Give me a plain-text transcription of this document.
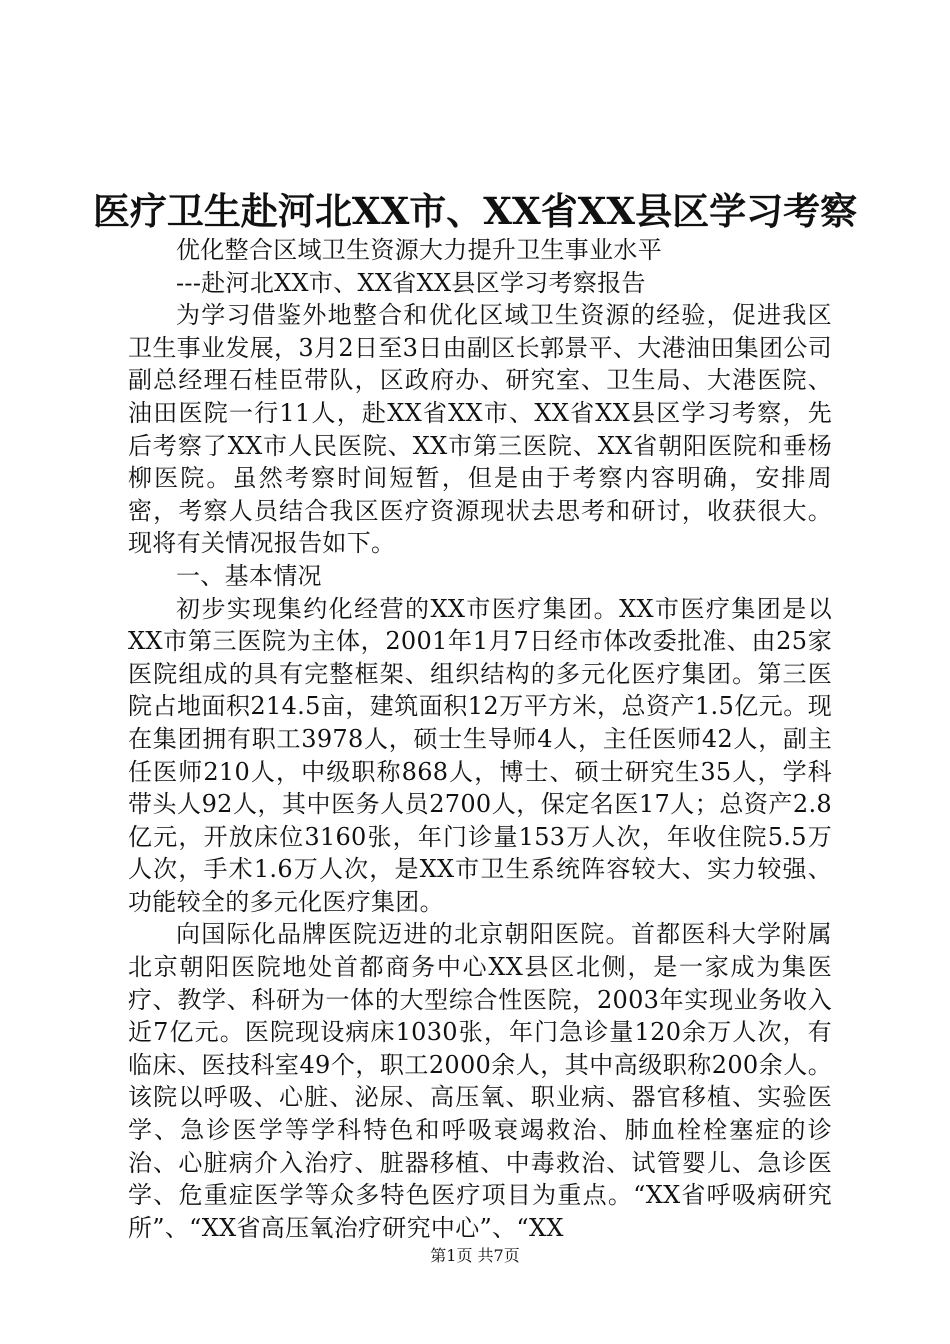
医疗卫生赴河北XX市、XX省XX县区学习考察

优化整合区域卫生资源大力提升卫生事业水平

---赴河北XX市、XX省XX县区学习考察报告

为学习借鉴外地整合和优化区域卫生资源的经验，促进我区卫生事业发展，3月2日至3日由副区长郭景平、大港油田集团公司副总经理石桂臣带队，区政府办、研究室、卫生局、大港医院、油田医院一行11人，赴XX省XX市、XX省XX县区学习考察，先后考察了XX市人民医院、XX市第三医院、XX省朝阳医院和垂杨柳医院。虽然考察时间短暂，但是由于考察内容明确，安排周密，考察人员结合我区医疗资源现状去思考和研讨，收获很大。现将有关情况报告如下。

一、基本情况

初步实现集约化经营的XX市医疗集团。XX市医疗集团是以XX市第三医院为主体，2001年1月7日经市体改委批准、由25家医院组成的具有完整框架、组织结构的多元化医疗集团。第三医院占地面积214.5亩，建筑面积12万平方米，总资产1.5亿元。现在集团拥有职工3978人，硕士生导师4人，主任医师42人，副主任医师210人，中级职称868人，博士、硕士研究生35人，学科带头人92人，其中医务人员2700人，保定名医17人；总资产2.8亿元，开放床位3160张，年门诊量153万人次，年收住院5.5万人次，手术1.6万人次，是XX市卫生系统阵容较大、实力较强、功能较全的多元化医疗集团。

向国际化品牌医院迈进的北京朝阳医院。首都医科大学附属北京朝阳医院地处首都商务中心XX县区北侧，是一家成为集医疗、教学、科研为一体的大型综合性医院，2003年实现业务收入近7亿元。医院现设病床1030张，年门急诊量120余万人次，有临床、医技科室49个，职工2000余人，其中高级职称200余人。该院以呼吸、心脏、泌尿、高压氧、职业病、器官移植、实验医学、急诊医学等学科特色和呼吸衰竭救治、肺血栓栓塞症的诊治、心脏病介入治疗、脏器移植、中毒救治、试管婴儿、急诊医学、危重症医学等众多特色医疗项目为重点。“XX省呼吸病研究所”、“XX省高压氧治疗研究中心”、“XX

第1页 共7页
